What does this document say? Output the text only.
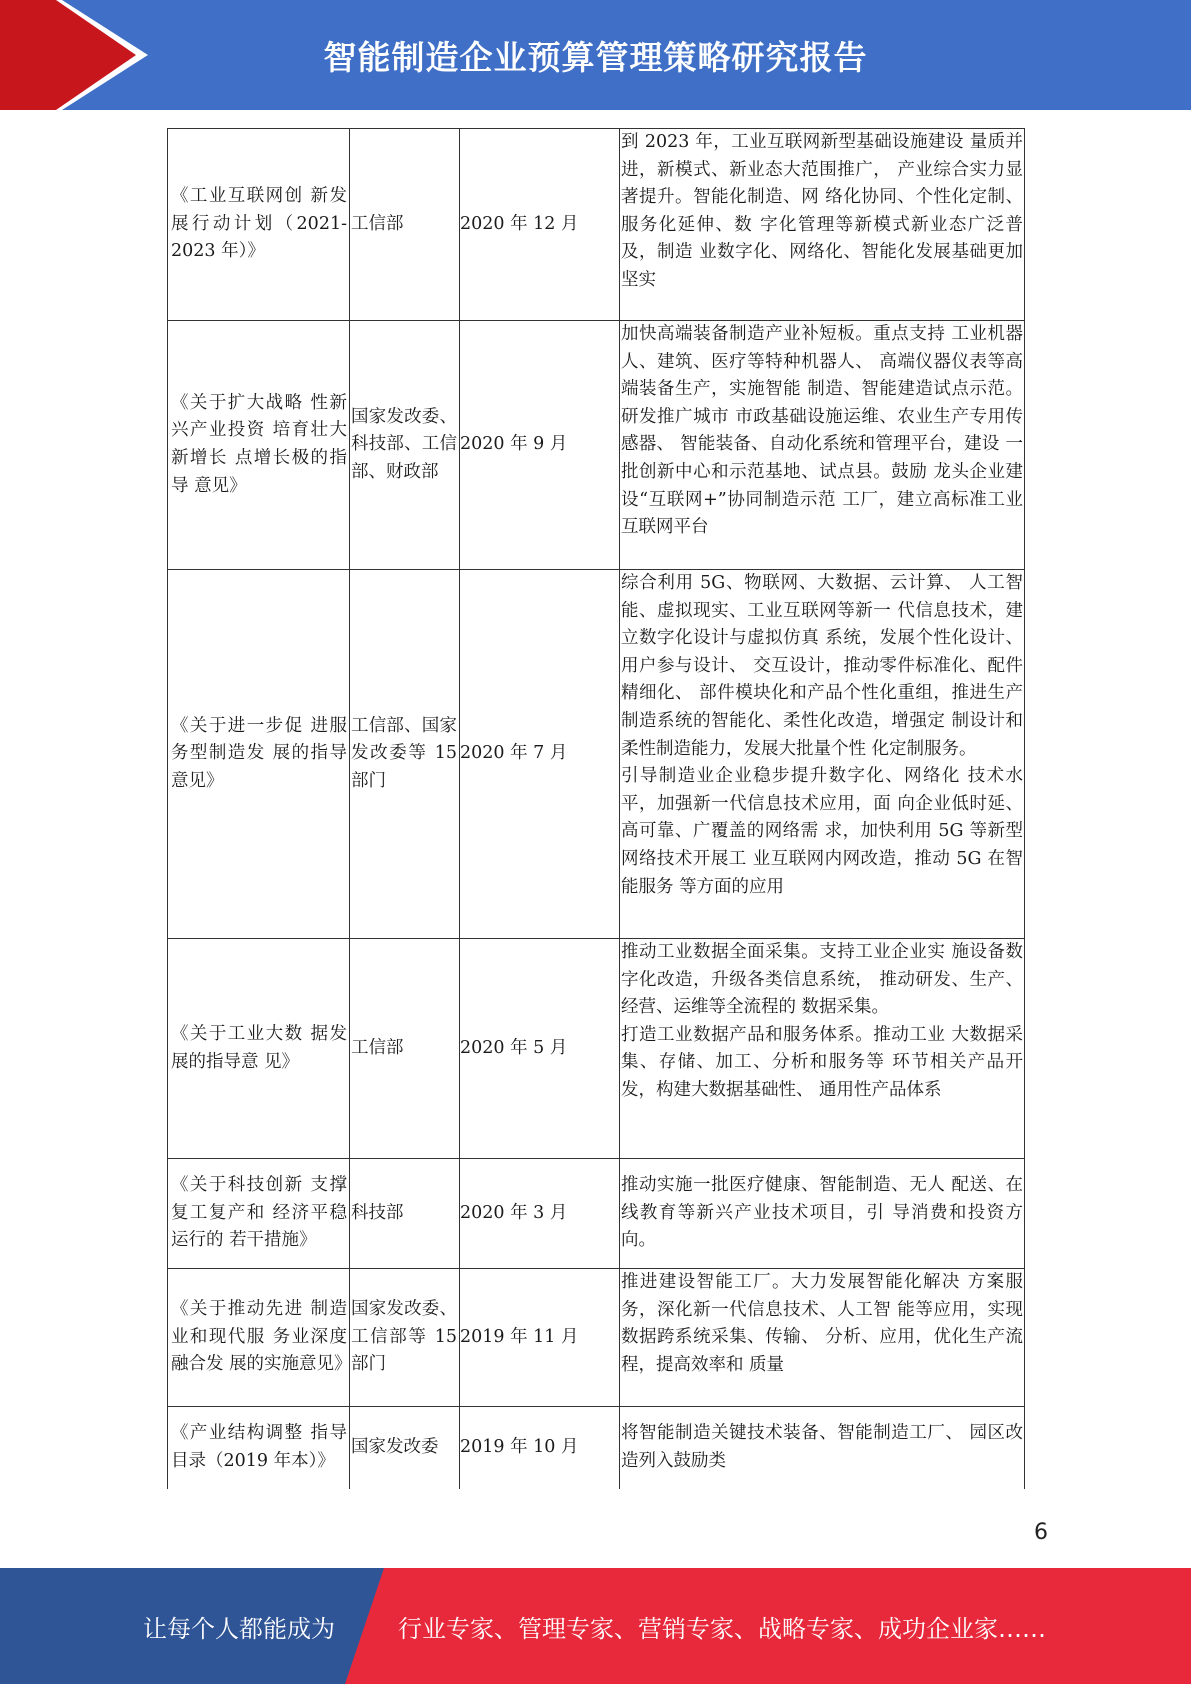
智能制造企业预算管理策略研究报告
《工业互联网创 新发展行动计划（2021-2023 年）》	工信部	2020 年 12 月	到 2023 年，工业互联网新型基础设施建设 量质并进，新模式、新业态大范围推广， 产业综合实力显著提升。智能化制造、网 络化协同、个性化定制、服务化延伸、数 字化管理等新模式新业态广泛普及，制造 业数字化、网络化、智能化发展基础更加 坚实

《关于扩大战略 性新兴产业投资 培育壮大新增长 点增长极的指导 意见》	国家发改委、科技部、工信部、财政部	2020 年 9 月	加快高端装备制造产业补短板。重点支持 工业机器人、建筑、医疗等特种机器人、 高端仪器仪表等高端装备生产，实施智能 制造、智能建造试点示范。研发推广城市 市政基础设施运维、农业生产专用传感器、 智能装备、自动化系统和管理平台，建设 一批创新中心和示范基地、试点县。鼓励 龙头企业建设“互联网+”协同制造示范 工厂，建立高标准工业互联网平台

《关于进一步促 进服务型制造发 展的指导意见》	工信部、国家发改委等 15 部门	2020 年 7 月	综合利用 5G、物联网、大数据、云计算、 人工智能、虚拟现实、工业互联网等新一 代信息技术，建立数字化设计与虚拟仿真 系统，发展个性化设计、用户参与设计、 交互设计，推动零件标准化、配件精细化、 部件模块化和产品个性化重组，推进生产 制造系统的智能化、柔性化改造，增强定 制设计和柔性制造能力，发展大批量个性 化定制服务。
引导制造业企业稳步提升数字化、网络化 技术水平，加强新一代信息技术应用，面 向企业低时延、高可靠、广覆盖的网络需 求，加快利用 5G 等新型网络技术开展工 业互联网内网改造，推动 5G 在智能服务 等方面的应用

《关于工业大数 据发展的指导意 见》	工信部	2020 年 5 月	推动工业数据全面采集。支持工业企业实 施设备数字化改造，升级各类信息系统， 推动研发、生产、经营、运维等全流程的 数据采集。
打造工业数据产品和服务体系。推动工业 大数据采集、存储、加工、分析和服务等 环节相关产品开发，构建大数据基础性、 通用性产品体系

《关于科技创新 支撑复工复产和 经济平稳运行的 若干措施》	科技部	2020 年 3 月	推动实施一批医疗健康、智能制造、无人 配送、在线教育等新兴产业技术项目，引 导消费和投资方向。

《关于推动先进 制造业和现代服 务业深度融合发 展的实施意见》	国家发改委、工信部等 15 部门	2019 年 11 月	推进建设智能工厂。大力发展智能化解决 方案服务，深化新一代信息技术、人工智 能等应用，实现数据跨系统采集、传输、 分析、应用，优化生产流程，提高效率和 质量

《产业结构调整 指导目录（2019 年本）》	国家发改委	2019 年 10 月	将智能制造关键技术装备、智能制造工厂、 园区改造列入鼓励类
6
让每个人都能成为	行业专家、管理专家、营销专家、战略专家、成功企业家……
